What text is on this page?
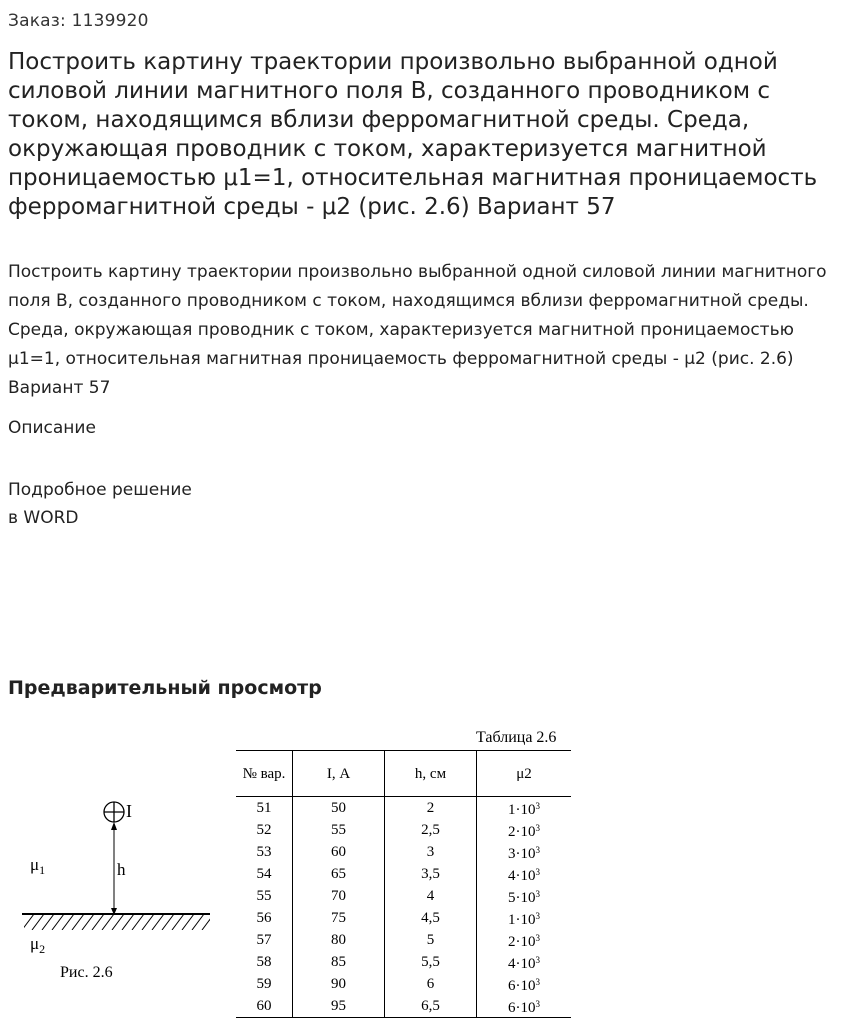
Заказ: 1139920
Построить картину траектории произвольно выбранной одной силовой линии магнитного поля В, созданного проводником с током, находящимся вблизи ферромагнитной среды. Среда, окружающая проводник с током, характеризуется магнитной проницаемостью μ1=1, относительная магнитная проницаемость ферромагнитной среды - μ2 (рис. 2.6) Вариант 57

Построить картину траектории произвольно выбранной одной силовой линии магнитного поля В, созданного проводником с током, находящимся вблизи ферромагнитной среды. Среда, окружающая проводник с током, характеризуется магнитной проницаемостью μ1=1, относительная магнитная проницаемость ферромагнитной среды - μ2 (рис. 2.6) Вариант 57

Описание
Подробное решение
в WORD
Предварительный просмотр
I
h
$\mu_1$
$\mu_2$
Рис. 2.6
Таблица 2.6
№ вар.	I, А	h, см	μ2
51	50	2	$1\cdot 10^3$
52	55	2,5	$2\cdot 10^3$
53	60	3	$3\cdot 10^3$
54	65	3,5	$4\cdot 10^3$
55	70	4	$5\cdot 10^3$
56	75	4,5	$1\cdot 10^3$
57	80	5	$2\cdot 10^3$
58	85	5,5	$4\cdot 10^3$
59	90	6	$6\cdot 10^3$
60	95	6,5	$6\cdot 10^3$
